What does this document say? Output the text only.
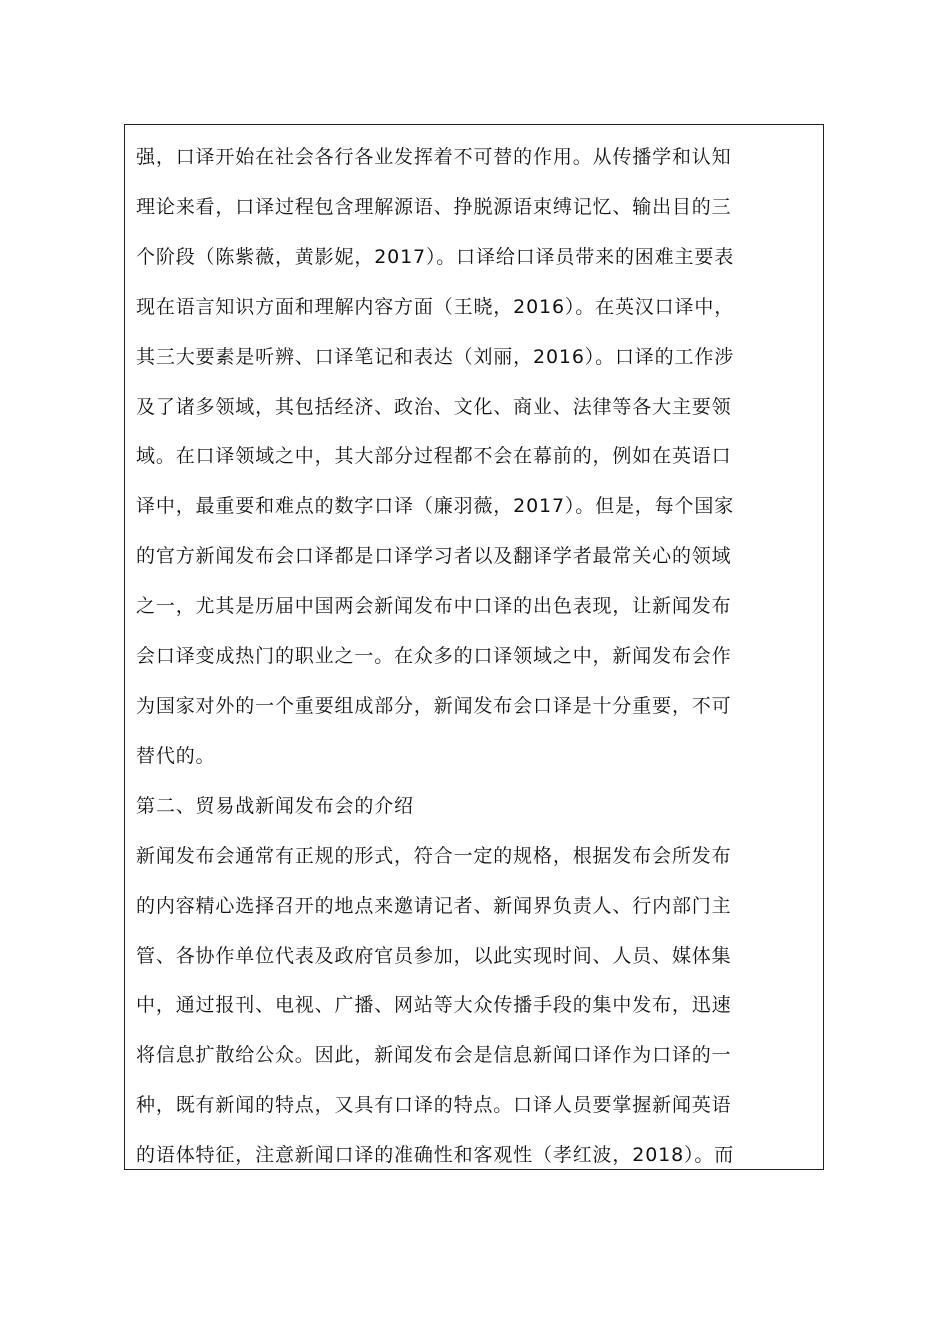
强，口译开始在社会各行各业发挥着不可替的作用。从传播学和认知

理论来看，口译过程包含理解源语、挣脱源语束缚记忆、输出目的三

个阶段（陈紫薇，黄影妮，2017）。口译给口译员带来的困难主要表

现在语言知识方面和理解内容方面（王晓，2016）。在英汉口译中，

其三大要素是听辨、口译笔记和表达（刘丽，2016）。口译的工作涉

及了诸多领域，其包括经济、政治、文化、商业、法律等各大主要领

域。在口译领域之中，其大部分过程都不会在幕前的，例如在英语口

译中，最重要和难点的数字口译（廉羽薇，2017）。但是，每个国家

的官方新闻发布会口译都是口译学习者以及翻译学者最常关心的领域

之一，尤其是历届中国两会新闻发布中口译的出色表现，让新闻发布

会口译变成热门的职业之一。在众多的口译领域之中，新闻发布会作

为国家对外的一个重要组成部分，新闻发布会口译是十分重要，不可

替代的。

第二、贸易战新闻发布会的介绍

新闻发布会通常有正规的形式，符合一定的规格，根据发布会所发布

的内容精心选择召开的地点来邀请记者、新闻界负责人、行内部门主

管、各协作单位代表及政府官员参加，以此实现时间、人员、媒体集

中，通过报刊、电视、广播、网站等大众传播手段的集中发布，迅速

将信息扩散给公众。因此，新闻发布会是信息新闻口译作为口译的一

种，既有新闻的特点，又具有口译的特点。口译人员要掌握新闻英语

的语体特征，注意新闻口译的准确性和客观性（孝红波，2018）。而
